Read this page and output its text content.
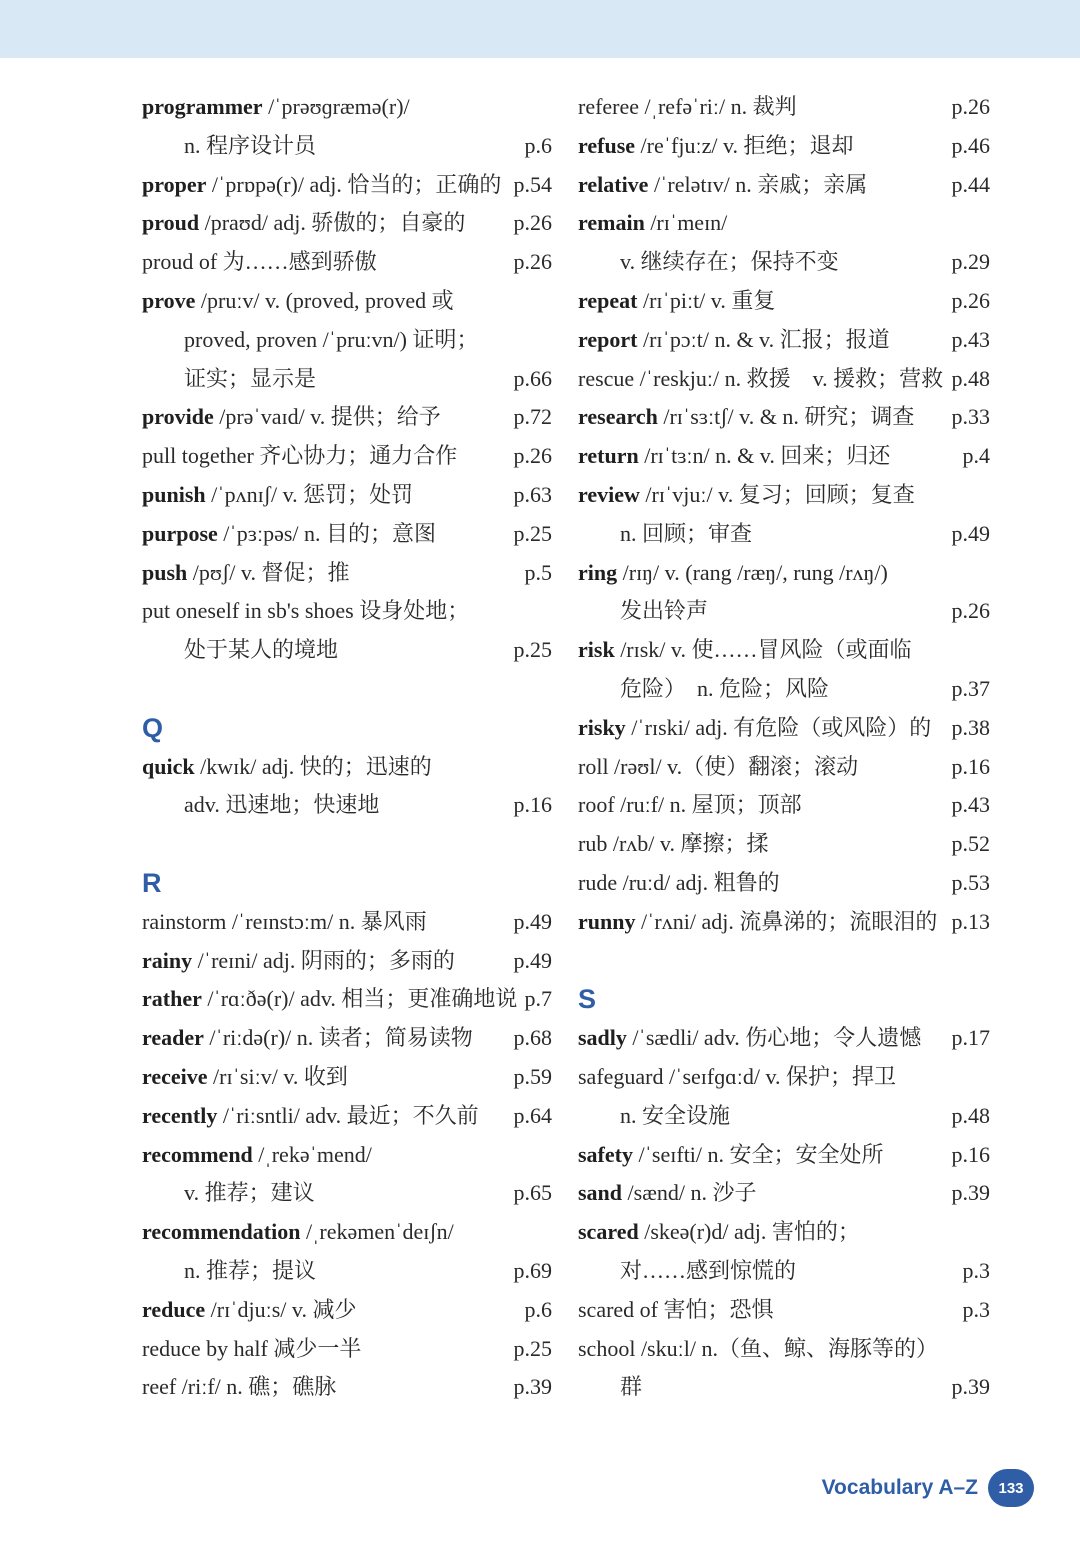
programmer /ˈprəʊɡræmə(r)/
n. 程序设计员	p.6
proper /ˈprɒpə(r)/ adj. 恰当的；正确的 p.54
proud /praʊd/ adj. 骄傲的；自豪的 p.26
proud of 为……感到骄傲	p.26
prove /pruːv/ v. (proved, proved 或
proved, proven /ˈpruːvn/) 证明；
证实；显示是	p.66
provide /prəˈvaɪd/ v. 提供；给予	p.72
pull together 齐心协力；通力合作	p.26
punish /ˈpʌnɪʃ/ v. 惩罚；处罚	p.63
purpose /ˈpɜːpəs/ n. 目的；意图	p.25
push /pʊʃ/ v. 督促；推	p.5
put oneself in sb's shoes 设身处地；
处于某人的境地	p.25
Q
quick /kwɪk/ adj. 快的；迅速的
adv. 迅速地；快速地	p.16
R
rainstorm /ˈreɪnstɔːm/ n. 暴风雨	p.49
rainy /ˈreɪni/ adj. 阴雨的；多雨的	p.49
rather /ˈrɑːðə(r)/ adv. 相当；更准确地说 p.7
reader /ˈriːdə(r)/ n. 读者；简易读物 p.68
receive /rɪˈsiːv/ v. 收到	p.59
recently /ˈriːsntli/ adv. 最近；不久前 p.64
recommend /ˌrekəˈmend/
v. 推荐；建议	p.65
recommendation /ˌrekəmenˈdeɪʃn/
n. 推荐；提议	p.69
reduce /rɪˈdjuːs/ v. 减少	p.6
reduce by half 减少一半	p.25
reef /riːf/ n. 礁；礁脉	p.39
referee /ˌrefəˈriː/ n. 裁判	p.26
refuse /reˈfjuːz/ v. 拒绝；退却	p.46
relative /ˈrelətɪv/ n. 亲戚；亲属	p.44
remain /rɪˈmeɪn/
v. 继续存在；保持不变	p.29
repeat /rɪˈpiːt/ v. 重复	p.26
report /rɪˈpɔːt/ n. & v. 汇报；报道	p.43
rescue /ˈreskjuː/ n. 救援　v. 援救；营救 p.48
research /rɪˈsɜːtʃ/ v. & n. 研究；调查 p.33
return /rɪˈtɜːn/ n. & v. 回来；归还	p.4
review /rɪˈvjuː/ v. 复习；回顾；复查
n. 回顾；审查	p.49
ring /rɪŋ/ v. (rang /ræŋ/, rung /rʌŋ/)
发出铃声	p.26
risk /rɪsk/ v. 使……冒风险（或面临
危险）　n. 危险；风险	p.37
risky /ˈrɪski/ adj. 有危险（或风险）的 p.38
roll /rəʊl/ v.（使）翻滚；滚动	p.16
roof /ruːf/ n. 屋顶；顶部	p.43
rub /rʌb/ v. 摩擦；揉	p.52
rude /ruːd/ adj. 粗鲁的	p.53
runny /ˈrʌni/ adj. 流鼻涕的；流眼泪的 p.13
S
sadly /ˈsædli/ adv. 伤心地；令人遗憾 p.17
safeguard /ˈseɪfɡɑːd/ v. 保护；捍卫
n. 安全设施	p.48
safety /ˈseɪfti/ n. 安全；安全处所	p.16
sand /sænd/ n. 沙子	p.39
scared /skeə(r)d/ adj. 害怕的；
对……感到惊慌的	p.3
scared of 害怕；恐惧	p.3
school /skuːl/ n.（鱼、鲸、海豚等的）
群	p.39
Vocabulary A–Z	133
